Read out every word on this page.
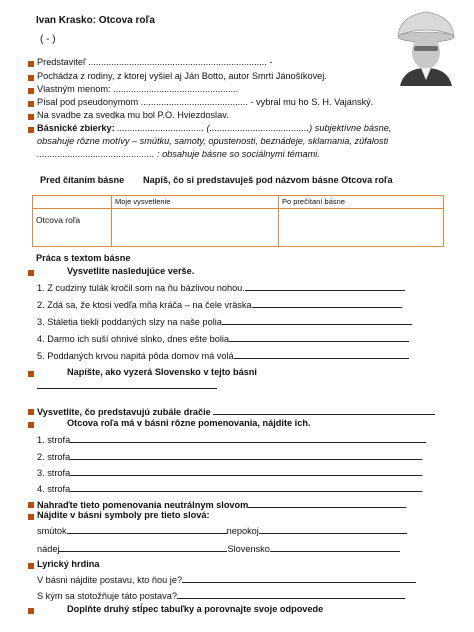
Ivan Krasko: Otcova roľa
( - )
Predstaviteľ ...................................................................... -
Pochádza z rodiny, z ktorej vyšiel aj Ján Botto, autor Smrti Jánošíkovej.
Vlastným menom: .................................................
Písal pod pseudonymom .......................................... - vybral mu ho S. H. Vajanský.
Na svadbe za svedka mu bol P.O. Hviezdoslav.
Básnické zbierky: .................................. (.......................................) subjektívne básne,
obsahuje rôzne motívy – smútku, samoty, opustenosti, beznádeje, sklamania, zúfalosti
.............................................. : obsahuje básne so sociálnymi témami.
Pred čítaním básne Napíš, čo si predstavuješ pod názvom básne Otcova roľa
	Moje vysvetlenie	Po prečítaní básne
Otcova roľa		
Práca s textom básne
Vysvetlite nasledujúce verše.
1. Z cudziny tulák kročil som na ňu bázlivou nohou.
2. Zdá sa, že ktosi vedľa mňa kráča – na čele vráska
3. Stáletia tiekli poddaných slzy na naše polia
4. Darmo ich suší ohnivé slnko, dnes ešte bolia
5. Poddaných krvou napitá pôda domov má volá
Napíšte, ako vyzerá Slovensko v tejto básni
Vysvetlite, čo predstavujú zubále dračie
Otcova roľa má v básni rôzne pomenovania, nájdite ich.
1. strofa
2. strofa
3. strofa
4. strofa
Nahraďte tieto pomenovania neutrálnym slovom
Nájdite v básni symboly pre tieto slová:
smútok	nepokoj
nádej	Slovensko
Lyrický hrdina
V básni nájdite postavu, kto ňou je?
S kým sa stotožňuje táto postava?
Doplňte druhý stĺpec tabuľky a porovnajte svoje odpovede
